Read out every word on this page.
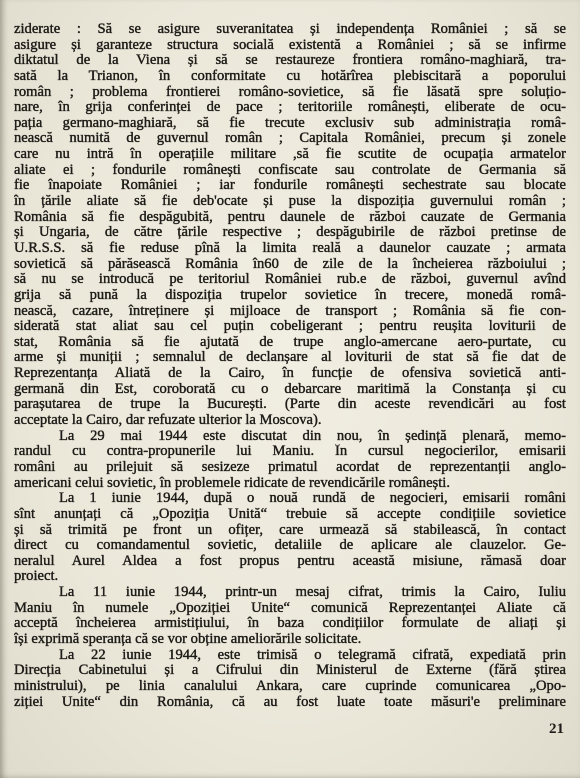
ziderate : Să se asigure suveranitatea și independența României ; să se
asigure și garanteze structura socială existentă a României ; să se infirme
diktatul de la Viena și să se restaureze frontiera româno-maghiară, tra-
sată la Trianon, în conformitate cu hotărîrea plebiscitară a poporului
român ; problema frontierei româno-sovietice, să fie lăsată spre soluțio-
nare, în grija conferinței de pace ; teritoriile românești, eliberate de ocu-
pația germano-maghiară, să fie trecute exclusiv sub administrația româ-
nească numită de guvernul român ; Capitala României, precum și zonele
care nu intră în operațiile militare ,să fie scutite de ocupația armatelor
aliate ei ; fondurile românești confiscate sau controlate de Germania să
fie înapoiate României ; iar fondurile românești sechestrate sau blocate
în țările aliate să fie deb'ocate și puse la dispoziția guvernului român ;
România să fie despăgubită, pentru daunele de război cauzate de Germania
și Ungaria, de către țările respective ; despăgubirile de război pretinse de
U.R.S.S. să fie reduse pînă la limita reală a daunelor cauzate ; armata
sovietică să părăsească România în60 de zile de la încheierea războiului ;
să nu se introducă pe teritoriul României rub.e de război, guvernul avînd
grija să pună la dispoziția trupelor sovietice în trecere, monedă româ-
nească, cazare, întreținere și mijloace de transport ; România să fie con-
siderată stat aliat sau cel puțin cobeligerant ; pentru reușita loviturii de
stat, România să fie ajutată de trupe anglo-amercane aero-purtate, cu
arme și muniții ; semnalul de declanșare al loviturii de stat să fie dat de
Reprezentanța Aliată de la Cairo, în funcție de ofensiva sovietică anti-
germană din Est, coroborată cu o debarcare maritimă la Constanța și cu
parașutarea de trupe la București. (Parte din aceste revendicări au fost
acceptate la Cairo, dar refuzate ulterior la Moscova).
La 29 mai 1944 este discutat din nou, în ședință plenară, memo-
randul cu contra-propunerile lui Maniu. În cursul negocierilor, emisarii
români au prilejuit să sesizeze primatul acordat de reprezentanții anglo-
americani celui sovietic, în problemele ridicate de revendicările românești.
La 1 iunie 1944, după o nouă rundă de negocieri, emisarii români
sînt anunțați că „Opoziția Unită“ trebuie să accepte condițiile sovietice
și să trimită pe front un ofițer, care urmează să stabilească, în contact
direct cu comandamentul sovietic, detaliile de aplicare ale clauzelor. Ge-
neralul Aurel Aldea a fost propus pentru această misiune, rămasă doar
proiect.
La 11 iunie 1944, printr-un mesaj cifrat, trimis la Cairo, Iuliu
Maniu în numele „Opoziției Unite“ comunică Reprezentanței Aliate că
acceptă încheierea armistițiului, în baza condițiilor formulate de aliați și
își exprimă speranța că se vor obține ameliorările solicitate.
La 22 iunie 1944, este trimisă o telegramă cifrată, expediată prin
Direcția Cabinetului și a Cifrului din Ministerul de Externe (fără știrea
ministrului), pe linia canalului Ankara, care cuprinde comunicarea „Opo-
ziției Unite“ din România, că au fost luate toate măsuri'e preliminare
21
